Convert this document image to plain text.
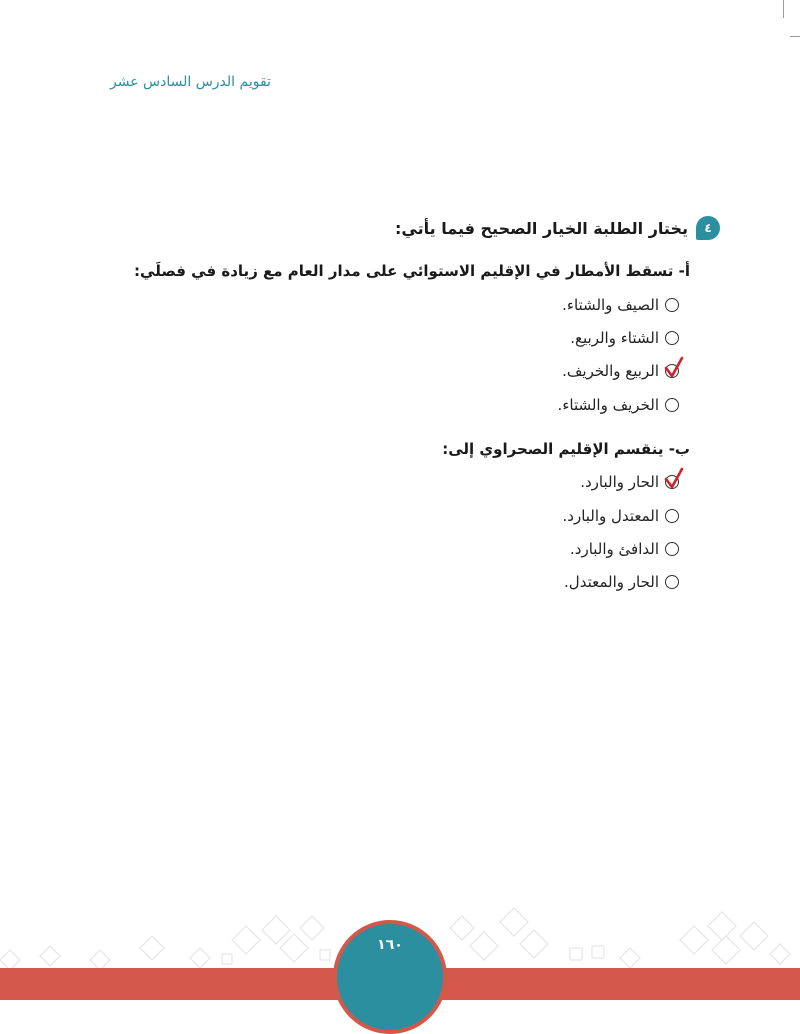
تقويم الدرس السادس عشر
٤
يختار الطلبة الخيار الصحيح فيما يأتي:
أ- تسقط الأمطار في الإقليم الاستوائي على مدار العام مع زيادة في فصلَي:
الصيف والشتاء.
الشتاء والربيع.
الربيع والخريف.
الخريف والشتاء.
ب- ينقسم الإقليم الصحراوي إلى:
الحار والبارد.
المعتدل والبارد.
الدافئ والبارد.
الحار والمعتدل.
١٦٠
